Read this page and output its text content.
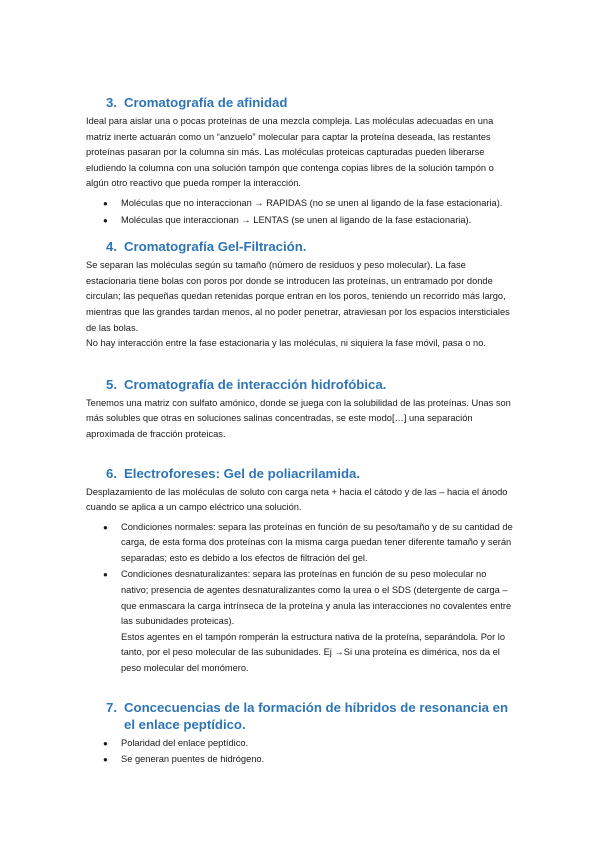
3. Cromatografía de afinidad

Ideal para aislar una o pocas proteínas de una mezcla compleja. Las moléculas adecuadas en una matriz inerte actuarán como un “anzuelo” molecular para captar la proteína deseada, las restantes proteínas pasaran por la columna sin más. Las moléculas proteicas capturadas pueden liberarse eludiendo la columna con una solución tampón que contenga copias libres de la solución tampón o algún otro reactivo que pueda romper la interacción.

● Moléculas que no interaccionan → RAPIDAS (no se unen al ligando de la fase estacionaria).
● Moléculas que interaccionan → LENTAS (se unen al ligando de la fase estacionaria).
4. Cromatografía Gel-Filtración.

Se separan las moléculas según su tamaño (número de residuos y peso molecular). La fase estacionaria tiene bolas con poros por donde se introducen las proteínas, un entramado por donde circulan; las pequeñas quedan retenidas porque entran en los poros, teniendo un recorrido más largo, mientras que las grandes tardan menos, al no poder penetrar, atraviesan por los espacios intersticiales de las bolas.

No hay interacción entre la fase estacionaria y las moléculas, ni siquiera la fase móvil, pasa o no.

5. Cromatografía de interacción hidrofóbica.

Tenemos una matriz con sulfato amónico, donde se juega con la solubilidad de las proteínas. Unas son más solubles que otras en soluciones salinas concentradas, se este modo[…] una separación aproximada de fracción proteicas.

6. Electroforeses: Gel de poliacrilamida.

Desplazamiento de las moléculas de soluto con carga neta + hacia el cátodo y de las – hacia el ánodo cuando se aplica a un campo eléctrico una solución.

● Condiciones normales: separa las proteínas en función de su peso/tamaño y de su cantidad de carga, de esta forma dos proteínas con la misma carga puedan tener diferente tamaño y serán separadas; esto es debido a los efectos de filtración del gel.
● Condiciones desnaturalizantes: separa las proteínas en función de su peso molecular no nativo; presencia de agentes desnaturalizantes como la urea o el SDS (detergente de carga – que enmascara la carga intrínseca de la proteína y anula las interacciones no covalentes entre las subunidades proteicas).

Estos agentes en el tampón romperán la estructura nativa de la proteína, separándola. Por lo tanto, por el peso molecular de las subunidades. Ej →Si una proteína es dimérica, nos da el peso molecular del monómero.

7. Concecuencias de la formación de híbridos de resonancia en el enlace peptídico.
● Polaridad del enlace peptídico.
● Se generan puentes de hidrógeno.
